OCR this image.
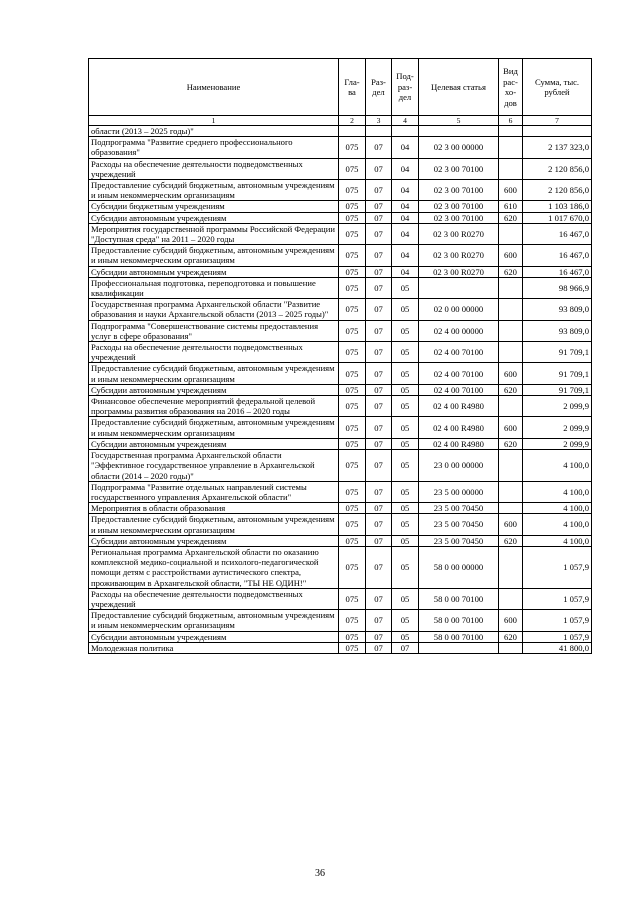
Наименование	Гла-ва	Раз-дел	Под-раз-дел	Целевая статья	Вид рас-хо-дов	Сумма, тыс. рублей
1	2	3	4	5	6	7
области (2013 – 2025 годы)"						
Подпрограмма "Развитие среднего профессионального образования"	075	07	04	02 3 00 00000		2 137 323,0
Расходы на обеспечение деятельности подведомственных учреждений	075	07	04	02 3 00 70100		2 120 856,0
Предоставление субсидий бюджетным, автономным учреждениям и иным некоммерческим организациям	075	07	04	02 3 00 70100	600	2 120 856,0
Субсидии бюджетным учреждениям	075	07	04	02 3 00 70100	610	1 103 186,0
Субсидии автономным учреждениям	075	07	04	02 3 00 70100	620	1 017 670,0
Мероприятия государственной программы Российской Федерации "Доступная среда" на 2011 – 2020 годы	075	07	04	02 3 00 R0270		16 467,0
Предоставление субсидий бюджетным, автономным учреждениям и иным некоммерческим организациям	075	07	04	02 3 00 R0270	600	16 467,0
Субсидии автономным учреждениям	075	07	04	02 3 00 R0270	620	16 467,0
Профессиональная подготовка, переподготовка и повышение квалификации	075	07	05			98 966,9
Государственная программа Архангельской области "Развитие образования и науки Архангельской области (2013 – 2025 годы)"	075	07	05	02 0 00 00000		93 809,0
Подпрограмма "Совершенствование системы предоставления услуг в сфере образования"	075	07	05	02 4 00 00000		93 809,0
Расходы на обеспечение деятельности подведомственных учреждений	075	07	05	02 4 00 70100		91 709,1
Предоставление субсидий бюджетным, автономным учреждениям и иным некоммерческим организациям	075	07	05	02 4 00 70100	600	91 709,1
Субсидии автономным учреждениям	075	07	05	02 4 00 70100	620	91 709,1
Финансовое обеспечение мероприятий федеральной целевой программы развития образования на 2016 – 2020 годы	075	07	05	02 4 00 R4980		2 099,9
Предоставление субсидий бюджетным, автономным учреждениям и иным некоммерческим организациям	075	07	05	02 4 00 R4980	600	2 099,9
Субсидии автономным учреждениям	075	07	05	02 4 00 R4980	620	2 099,9
Государственная программа Архангельской области "Эффективное государственное управление в Архангельской области (2014 – 2020 годы)"	075	07	05	23 0 00 00000		4 100,0
Подпрограмма "Развитие отдельных направлений системы государственного управления Архангельской области"	075	07	05	23 5 00 00000		4 100,0
Мероприятия в области образования	075	07	05	23 5 00 70450		4 100,0
Предоставление субсидий бюджетным, автономным учреждениям и иным некоммерческим организациям	075	07	05	23 5 00 70450	600	4 100,0
Субсидии автономным учреждениям	075	07	05	23 5 00 70450	620	4 100,0
Региональная программа Архангельской области по оказанию комплексной медико-социальной и психолого-педагогической помощи детям с расстройствами аутистического спектра, проживающим в Архангельской области, "ТЫ НЕ ОДИН!"	075	07	05	58 0 00 00000		1 057,9
Расходы на обеспечение деятельности подведомственных учреждений	075	07	05	58 0 00 70100		1 057,9
Предоставление субсидий бюджетным, автономным учреждениям и иным некоммерческим организациям	075	07	05	58 0 00 70100	600	1 057,9
Субсидии автономным учреждениям	075	07	05	58 0 00 70100	620	1 057,9
Молодежная политика	075	07	07			41 800,0
36
